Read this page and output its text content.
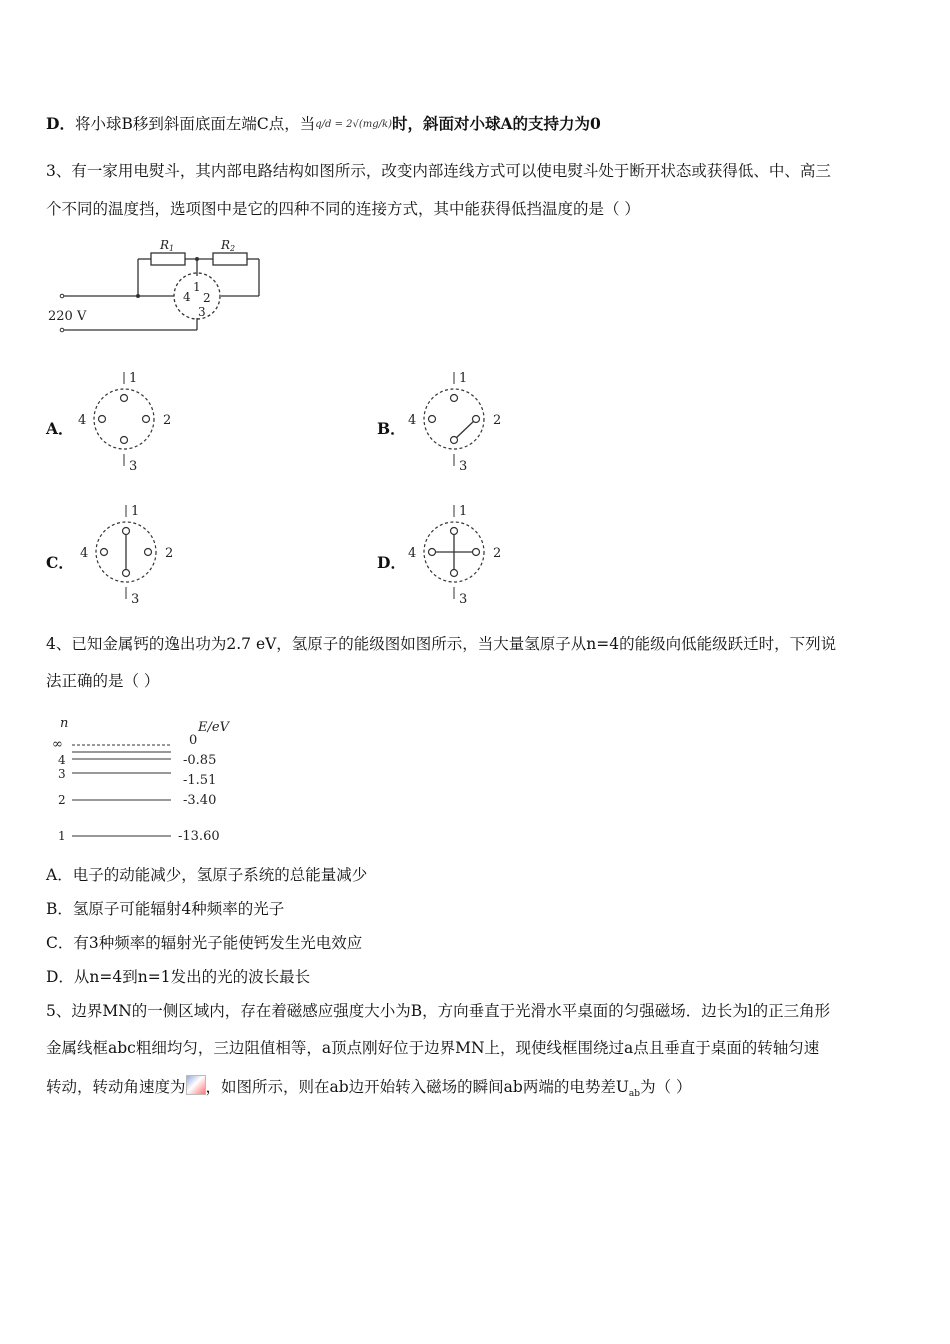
D．将小球B移到斜面底面左端C点，当q/d = 2√(mg/k)时，斜面对小球A的支持力为0
3、有一家用电熨斗，其内部电路结构如图所示，改变内部连线方式可以使电熨斗处于断开状态或获得低、中、高三
个不同的温度挡，选项图中是它的四种不同的连接方式，其中能获得低挡温度的是（ ）
R1	R2
1
2
3
4
220 V
A．
1
2
3
4	B．
1
2
3
4
C．
1
2
3
4	D．
1
2
3
4
4、已知金属钙的逸出功为2.7 eV，氢原子的能级图如图所示，当大量氢原子从n=4的能级向低能级跃迁时，下列说
法正确的是（ ）
n	E/eV
∞	0
4	-0.85
3	-1.51
2	-3.40
1	-13.60
A．电子的动能减少，氢原子系统的总能量减少
B．氢原子可能辐射4种频率的光子
C．有3种频率的辐射光子能使钙发生光电效应
D．从n=4到n=1发出的光的波长最长
5、边界MN的一侧区域内，存在着磁感应强度大小为B，方向垂直于光滑水平桌面的匀强磁场．边长为l的正三角形
金属线框abc粗细均匀，三边阻值相等，a顶点刚好位于边界MN上，现使线框围绕过a点且垂直于桌面的转轴匀速
转动，转动角速度为 ，如图所示，则在ab边开始转入磁场的瞬间ab两端的电势差$U_{ab}$为（ ）
